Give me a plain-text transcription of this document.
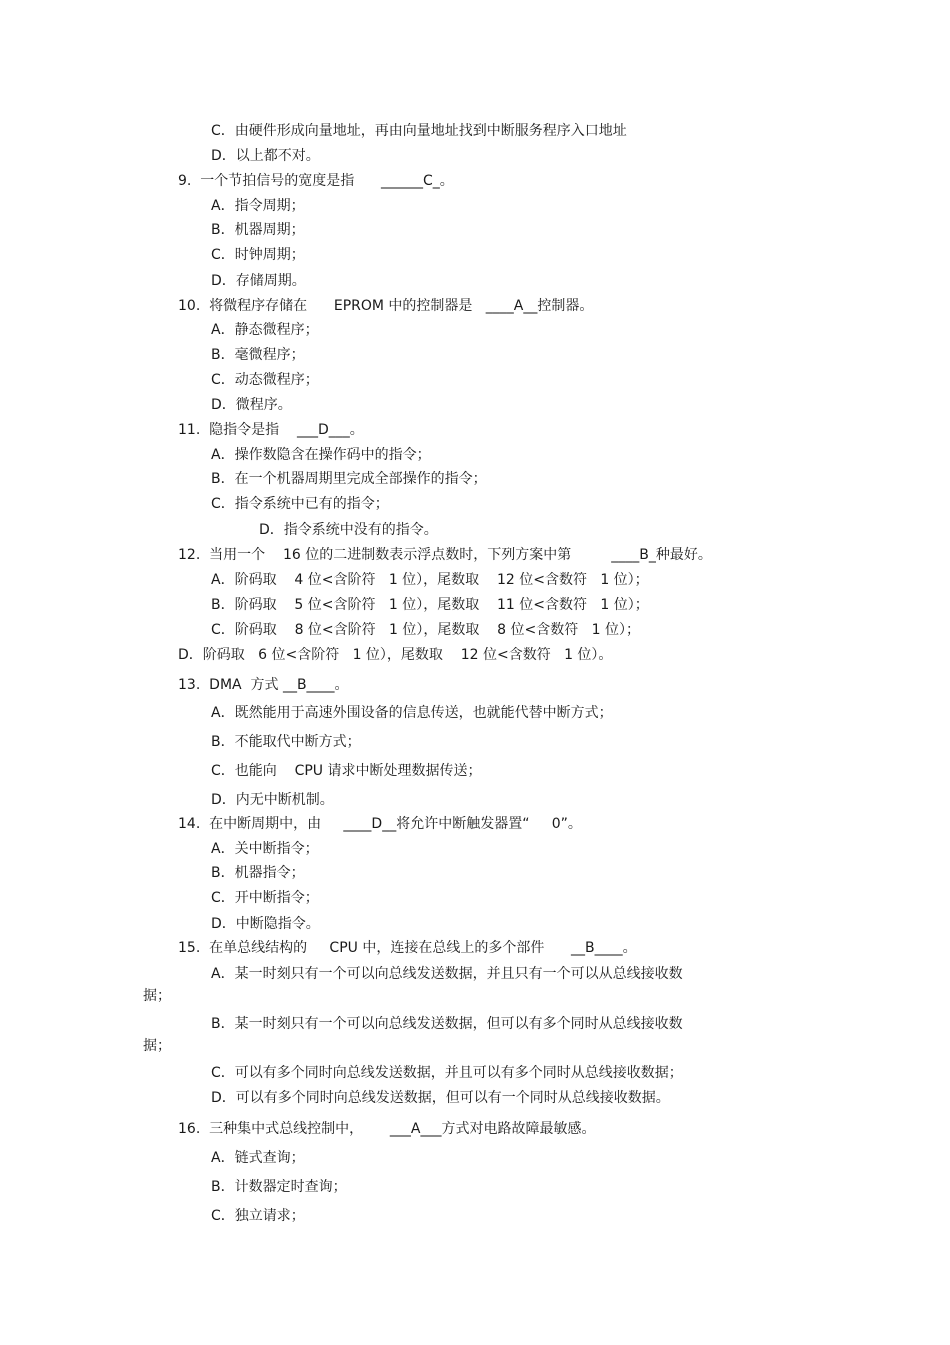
C．由硬件形成向量地址，再由向量地址找到中断服务程序入口地址
D．以上都不对。
9.  一个节拍信号的宽度是指      ______C_。
A．指令周期；
B．机器周期；
C．时钟周期；
D．存储周期。
10.  将微程序存储在      EPROM 中的控制器是   ____A__控制器。
A．静态微程序；
B．毫微程序；
C．动态微程序；
D．微程序。
11.  隐指令是指    ___D___。
A．操作数隐含在操作码中的指令；
B．在一个机器周期里完成全部操作的指令；
C．指令系统中已有的指令；
D．指令系统中没有的指令。
12.  当用一个    16 位的二进制数表示浮点数时，下列方案中第         ____B_种最好。
A．阶码取    4 位<含阶符   1 位），尾数取    12 位<含数符   1 位）；
B．阶码取    5 位<含阶符   1 位），尾数取    11 位<含数符   1 位）；
C．阶码取    8 位<含阶符   1 位），尾数取    8 位<含数符   1 位）；
D．阶码取   6 位<含阶符   1 位），尾数取    12 位<含数符   1 位）。
13.  DMA  方式 __B____。
A．既然能用于高速外围设备的信息传送，也就能代替中断方式；
B．不能取代中断方式；
C．也能向    CPU 请求中断处理数据传送；
D．内无中断机制。
14.  在中断周期中，由     ____D__将允许中断触发器置“     0”。
A．关中断指令；
B．机器指令；
C．开中断指令；
D．中断隐指令。
15.  在单总线结构的     CPU 中，连接在总线上的多个部件      __B____。
A．某一时刻只有一个可以向总线发送数据，并且只有一个可以从总线接收数
据；
B．某一时刻只有一个可以向总线发送数据，但可以有多个同时从总线接收数
据；
C．可以有多个同时向总线发送数据，并且可以有多个同时从总线接收数据；
D．可以有多个同时向总线发送数据，但可以有一个同时从总线接收数据。
16.  三种集中式总线控制中，      ___A___方式对电路故障最敏感。
A．链式查询；
B．计数器定时查询；
C．独立请求；
